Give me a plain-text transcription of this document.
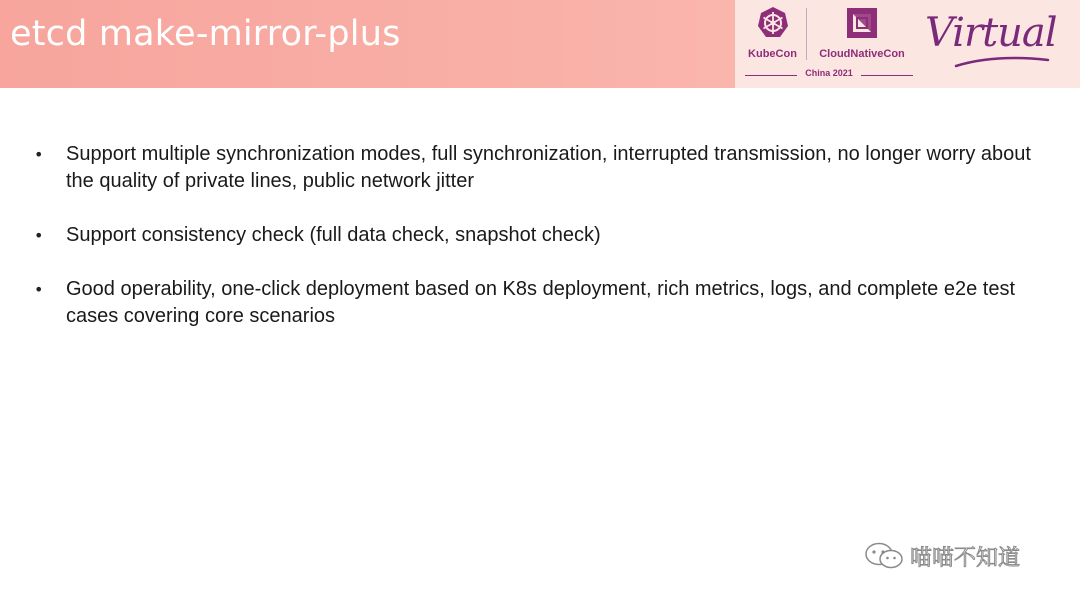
etcd make-mirror-plus	KubeCon	CloudNativeCon
China 2021
Virtual
• Support multiple synchronization modes, full synchronization, interrupted transmission, no longer worry about the quality of private lines, public network jitter
• Support consistency check (full data check, snapshot check)
• Good operability, one-click deployment based on K8s deployment, rich metrics, logs, and complete e2e test cases covering core scenarios
喵喵不知道
